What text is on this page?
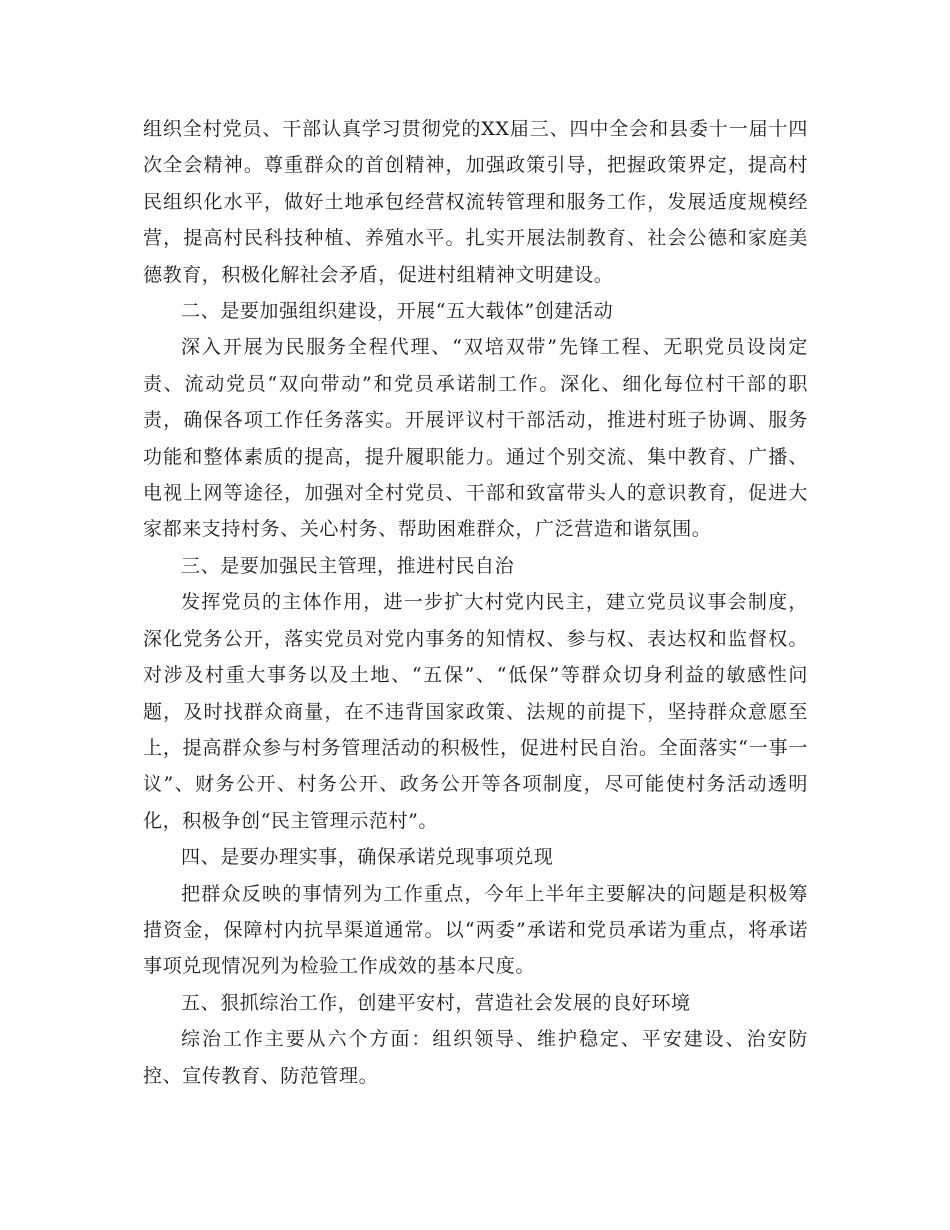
组织全村党员、干部认真学习贯彻党的XX届三、四中全会和县委十一届十四次全会精神。尊重群众的首创精神，加强政策引导，把握政策界定，提高村民组织化水平，做好土地承包经营权流转管理和服务工作，发展适度规模经营，提高村民科技种植、养殖水平。扎实开展法制教育、社会公德和家庭美德教育，积极化解社会矛盾，促进村组精神文明建设。

二、是要加强组织建设，开展“五大载体”创建活动

深入开展为民服务全程代理、“双培双带”先锋工程、无职党员设岗定责、流动党员“双向带动”和党员承诺制工作。深化、细化每位村干部的职责，确保各项工作任务落实。开展评议村干部活动，推进村班子协调、服务功能和整体素质的提高，提升履职能力。通过个别交流、集中教育、广播、电视上网等途径，加强对全村党员、干部和致富带头人的意识教育，促进大家都来支持村务、关心村务、帮助困难群众，广泛营造和谐氛围。

三、是要加强民主管理，推进村民自治

发挥党员的主体作用，进一步扩大村党内民主，建立党员议事会制度，深化党务公开，落实党员对党内事务的知情权、参与权、表达权和监督权。对涉及村重大事务以及土地、“五保”、“低保”等群众切身利益的敏感性问题，及时找群众商量，在不违背国家政策、法规的前提下，坚持群众意愿至上，提高群众参与村务管理活动的积极性，促进村民自治。全面落实“一事一议”、财务公开、村务公开、政务公开等各项制度，尽可能使村务活动透明化，积极争创“民主管理示范村”。

四、是要办理实事，确保承诺兑现事项兑现

把群众反映的事情列为工作重点，今年上半年主要解决的问题是积极筹措资金，保障村内抗旱渠道通常。以“两委”承诺和党员承诺为重点，将承诺事项兑现情况列为检验工作成效的基本尺度。

五、狠抓综治工作，创建平安村，营造社会发展的良好环境

综治工作主要从六个方面：组织领导、维护稳定、平安建设、治安防控、宣传教育、防范管理。
